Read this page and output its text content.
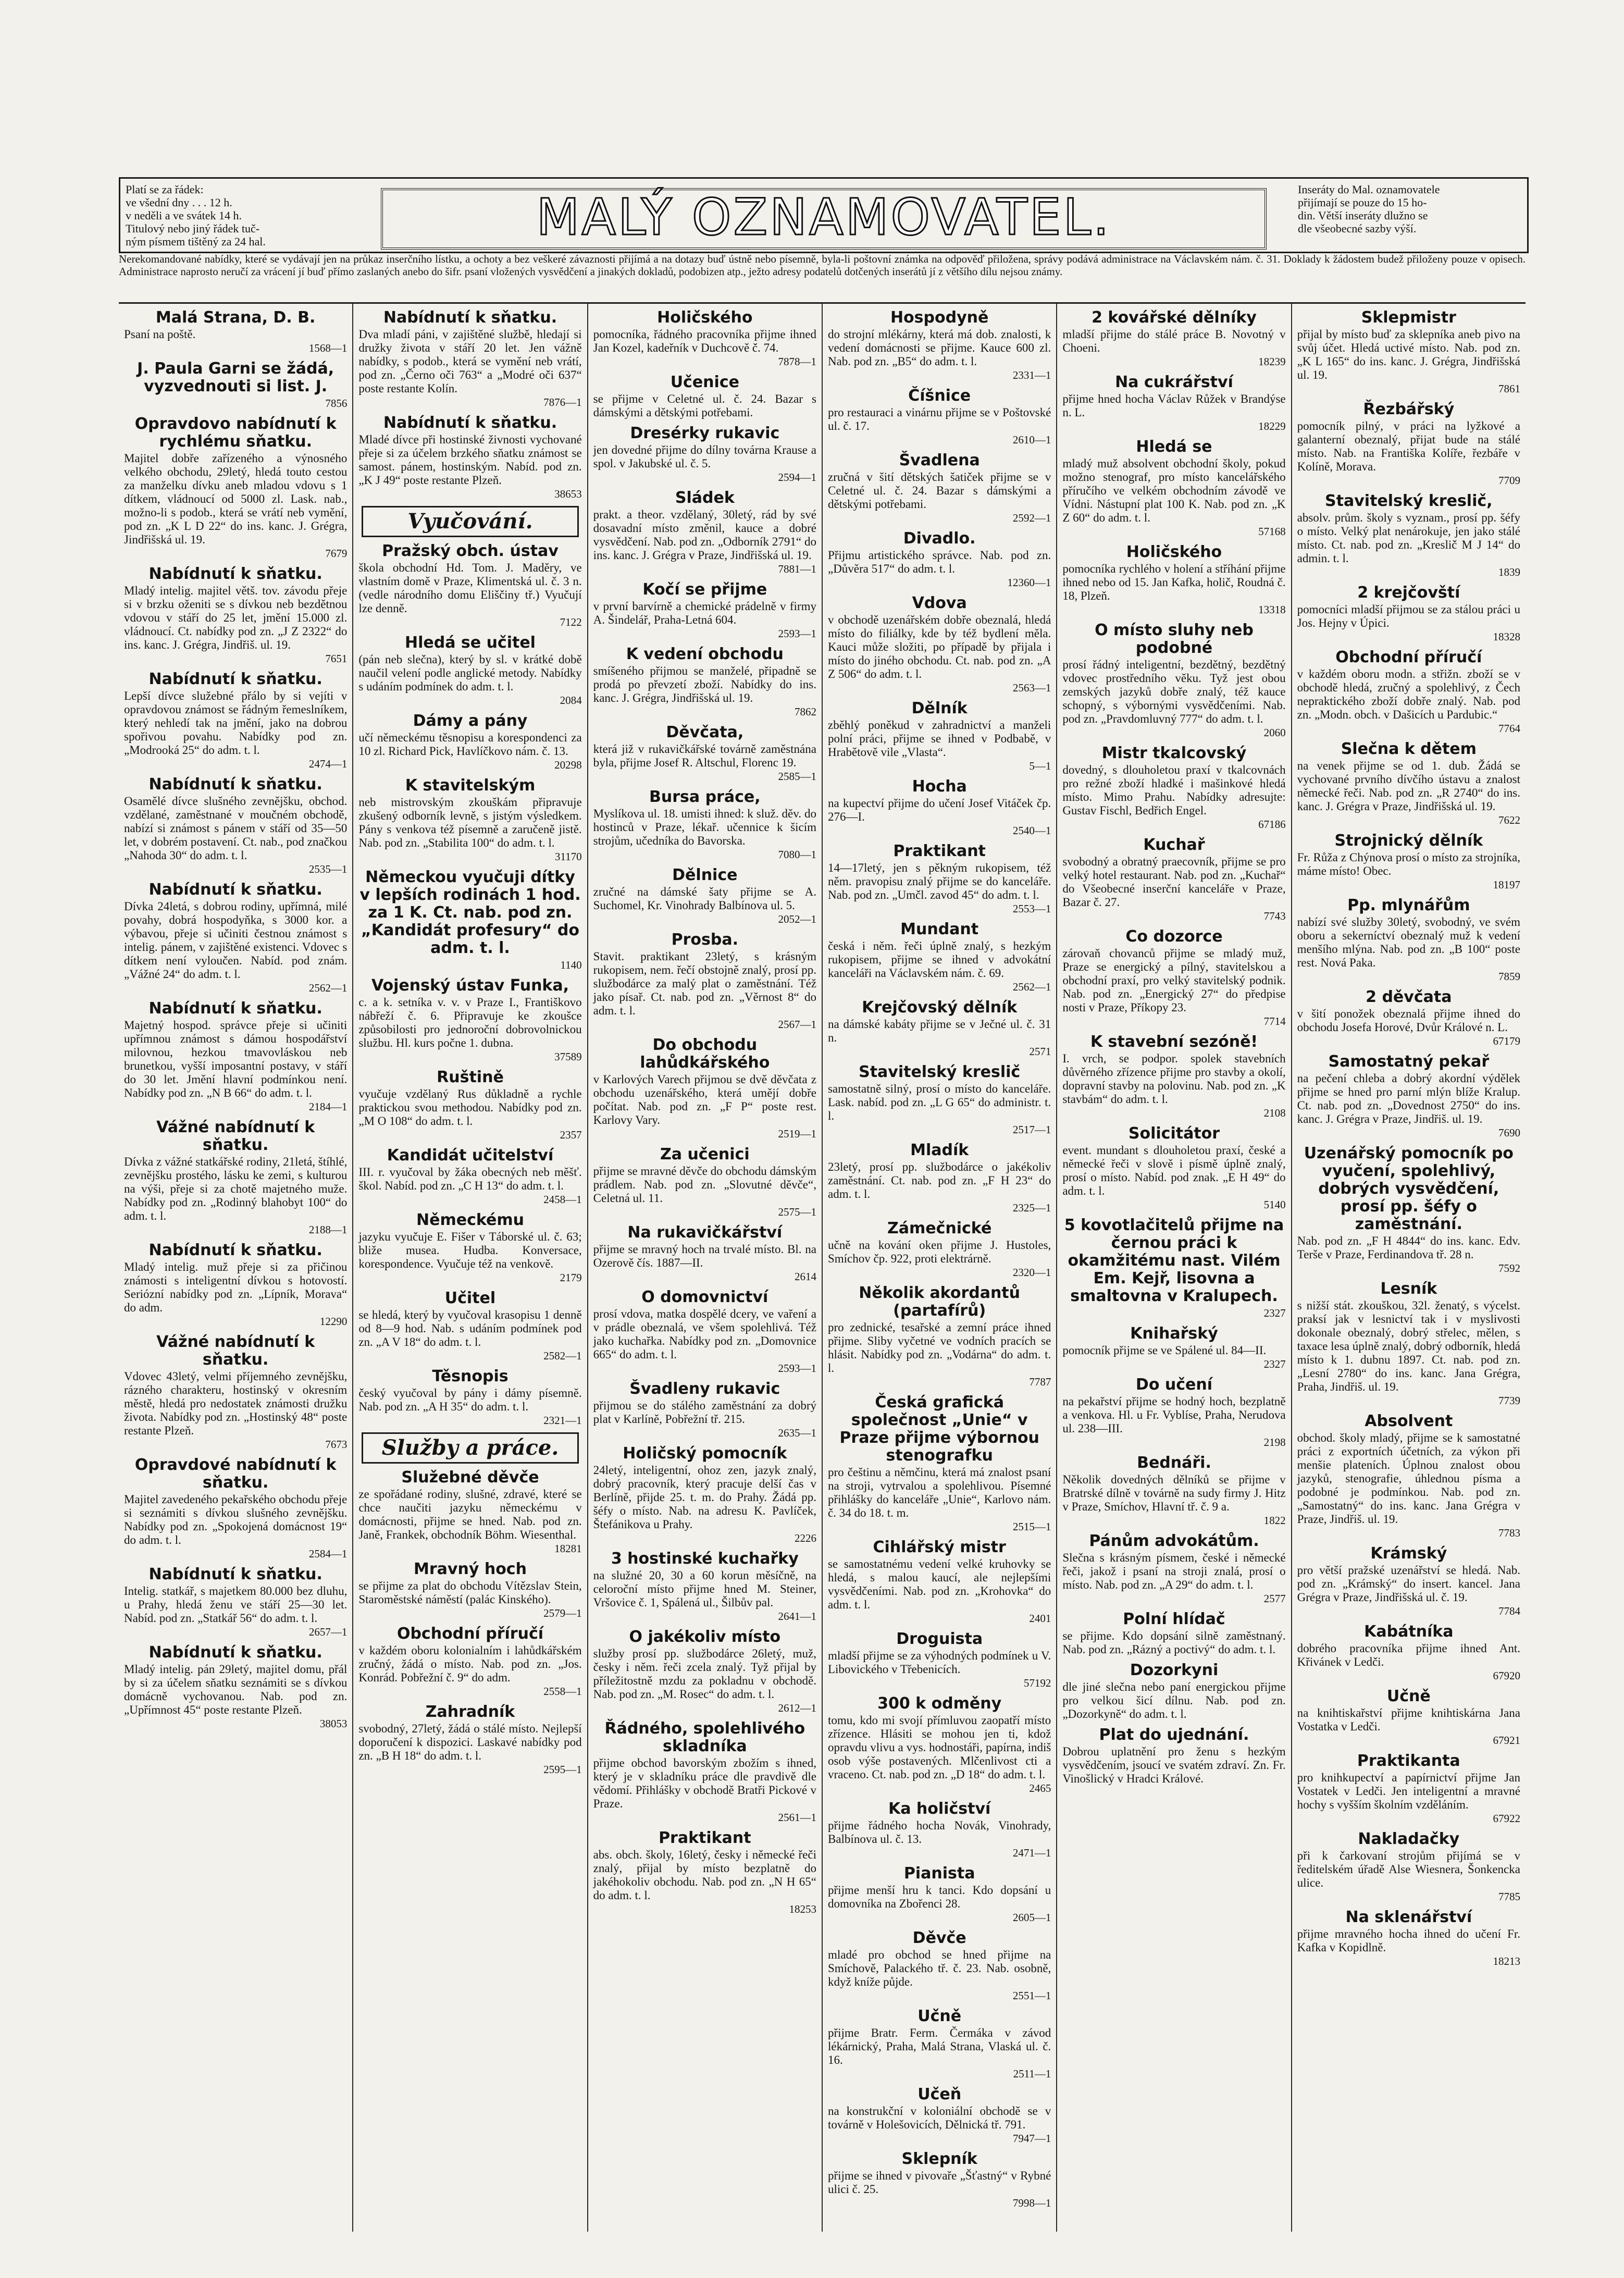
Platí se za řádek:
ve všední dny . . . 12 h.
v neděli a ve svátek 14 h.
Titulový nebo jiný řádek tuč-
ným písmem tištěný za 24 hal.	MALÝ OZNAMOVATEL.	Inseráty do Mal. oznamovatele
přijímají se pouze do 15 ho-
din. Větší inseráty dlužno se
dle všeobecné sazby výší.
Nerekomandované nabídky, které se vydávají jen na průkaz inserčního lístku, a ochoty a bez veškeré závaznosti přijímá a na dotazy buď ústně nebo písemně, byla-li poštovní známka na odpověď přiložena, správy podává administrace na Václavském nám. č. 31. Doklady k žádostem budež přiloženy pouze v opisech. Administrace naprosto neručí za vrácení jí buď přímo zaslaných anebo do šifr. psaní vložených vysvědčení a jinakých dokladů, podobizen atp., ježto adresy podatelů dotčených inserátů jí z většího dílu nejsou známy.
Malá Strana, D. B.

Psaní na poště.

1568—1
J. Paula Garni se žádá, vyzvednouti si list. J.
7856
Opravdovo nabídnutí k rychlému sňatku.

Majitel dobře zařízeného a výnosného velkého obchodu, 29letý, hledá touto cestou za manželku dívku aneb mladou vdovu s 1 dítkem, vládnoucí od 5000 zl. Lask. nab., možno-li s podob., která se vrátí neb vymění, pod zn. „K L D 22“ do ins. kanc. J. Grégra, Jindřišská ul. 19.

7679
Nabídnutí k sňatku.

Mladý intelig. majitel větš. tov. závodu přeje si v brzku oženiti se s dívkou neb bezdětnou vdovou v stáří do 25 let, jmění 15.000 zl. vládnoucí. Ct. nabídky pod zn. „J Z 2322“ do ins. kanc. J. Grégra, Jindřiš. ul. 19.

7651
Nabídnutí k sňatku.

Lepší dívce služebné přálo by si vejíti v opravdovou známost se řádným řemeslníkem, který nehledí tak na jmění, jako na dobrou spořivou povahu. Nabídky pod zn. „Modrooká 25“ do adm. t. l.

2474—1
Nabídnutí k sňatku.

Osamělé dívce slušného zevnějšku, obchod. vzdělané, zaměstnané v moučném obchodě, nabízí si známost s pánem v stáří od 35—50 let, v dobrém postavení. Ct. nab., pod značkou „Nahoda 30“ do adm. t. l.

2535—1
Nabídnutí k sňatku.

Dívka 24letá, s dobrou rodiny, upřímná, milé povahy, dobrá hospodyňka, s 3000 kor. a výbavou, přeje si učiniti čestnou známost s intelig. pánem, v zajištěné existenci. Vdovec s dítkem není vyloučen. Nabíd. pod znám. „Vážné 24“ do adm. t. l.

2562—1
Nabídnutí k sňatku.

Majetný hospod. správce přeje si učiniti upřímnou známost s dámou hospodářství milovnou, hezkou tmavovláskou neb brunetkou, vyšší imposantní postavy, v stáří do 30 let. Jmění hlavní podmínkou není. Nabídky pod zn. „N B 66“ do adm. t. l.

2184—1
Vážné nabídnutí k sňatku.

Dívka z vážné statkářské rodiny, 21letá, štíhlé, zevnějšku prostého, lásku ke zemi, s kulturou na výši, přeje si za chotě majetného muže. Nabídky pod zn. „Rodinný blahobyt 100“ do adm. t. l.

2188—1
Nabídnutí k sňatku.

Mladý intelig. muž přeje si za přičinou známosti s inteligentní dívkou s hotovostí. Seriózní nabídky pod zn. „Lípník, Morava“ do adm.

12290
Vážné nabídnutí k sňatku.

Vdovec 43letý, velmi příjemného zevnějšku, rázného charakteru, hostinský v okresním městě, hledá pro nedostatek známosti družku života. Nabídky pod zn. „Hostinský 48“ poste restante Plzeň.

7673
Opravdové nabídnutí k sňatku.

Majitel zavedeného pekařského obchodu přeje si seznámiti s dívkou slušného zevnějšku. Nabídky pod zn. „Spokojená domácnost 19“ do adm. t. l.

2584—1
Nabídnutí k sňatku.

Intelig. statkář, s majetkem 80.000 bez dluhu, u Prahy, hledá ženu ve stáří 25—30 let. Nabíd. pod zn. „Statkář 56“ do adm. t. l.

2657—1
Nabídnutí k sňatku.

Mladý intelig. pán 29letý, majitel domu, přál by si za účelem sňatku seznámiti se s dívkou domácně vychovanou. Nab. pod zn. „Upřímnost 45“ poste restante Plzeň.

38053
Nabídnutí k sňatku.

Dva mladí páni, v zajištěné službě, hledají si družky života v stáří 20 let. Jen vážně nabídky, s podob., která se vymění neb vrátí, pod zn. „Černo oči 763“ a „Modré oči 637“ poste restante Kolín.

7876—1
Nabídnutí k sňatku.

Mladé dívce při hostinské živnosti vychované přeje si za účelem brzkého sňatku známost se samost. pánem, hostinským. Nabíd. pod zn. „K J 49“ poste restante Plzeň.

38653
Vyučování.
Pražský obch. ústav

škola obchodní Hd. Tom. J. Maděry, ve vlastním domě v Praze, Klimentská ul. č. 3 n. (vedle národního domu Eliščiny tř.) Vyučují lze denně.

7122
Hledá se učitel

(pán neb slečna), který by sl. v krátké době naučil velení podle anglické metody. Nabídky s udáním podmínek do adm. t. l.

2084
Dámy a pány

učí německému těsnopisu a korespondenci za 10 zl. Richard Pick, Havlíčkovo nám. č. 13.

20298
K stavitelským

neb mistrovským zkouškám připravuje zkušený odborník levně, s jistým výsledkem. Pány s venkova též písemně a zaručeně jistě. Nab. pod zn. „Stabilita 100“ do adm. t. l.

31170
Německou vyučuji dítky v lepších rodinách 1 hod. za 1 K. Ct. nab. pod zn. „Kandidát profesury“ do adm. t. l.
1140
Vojenský ústav Funka,

c. a k. setníka v. v. v Praze I., Františkovo nábřeží č. 6. Připravuje ke zkoušce způsobilosti pro jednoroční dobrovolnickou službu. Hl. kurs počne 1. dubna.

37589
Ruštině

vyučuje vzdělaný Rus důkladně a rychle praktickou svou methodou. Nabídky pod zn. „M O 108“ do adm. t. l.

2357
Kandidát učitelství

III. r. vyučoval by žáka obecných neb měšť. škol. Nabíd. pod zn. „C H 13“ do adm. t. l.

2458—1
Německému

jazyku vyučuje E. Fišer v Táborské ul. č. 63; bliže musea. Hudba. Konversace, korespondence. Vyučuje též na venkově.

2179
Učitel

se hledá, který by vyučoval krasopisu 1 denně od 8—9 hod. Nab. s udáním podmínek pod zn. „A V 18“ do adm. t. l.

2582—1
Těsnopis

český vyučoval by pány i dámy písemně. Nab. pod zn. „A H 35“ do adm. t. l.

2321—1
Služby a práce.
Služebné děvče

ze spořádané rodiny, slušné, zdravé, které se chce naučiti jazyku německému v domácnosti, přijme se hned. Nab. pod zn. Janě, Frankek, obchodník Böhm. Wiesenthal.

18281
Mravný hoch

se přijme za plat do obchodu Vítězslav Stein, Staroměstské náměstí (palác Kinského).

2579—1
Obchodní příručí

v každém oboru kolonialním i lahůdkářském zručný, žádá o místo. Nab. pod zn. „Jos. Konrád. Pobřežní č. 9“ do adm.

2558—1
Zahradník

svobodný, 27letý, žádá o stálé místo. Nejlepší doporučení k dispozici. Laskavé nabídky pod zn. „B H 18“ do adm. t. l.

2595—1
Holičského

pomocníka, řádného pracovníka přijme ihned Jan Kozel, kadeřník v Duchcově č. 74.

7878—1
Učenice

se přijme v Celetné ul. č. 24. Bazar s dámskými a dětskými potřebami.

Dresérky rukavic

jen dovedné přijme do dílny továrna Krause a spol. v Jakubské ul. č. 5.

2594—1
Sládek

prakt. a theor. vzdělaný, 30letý, rád by své dosavadní místo změnil, kauce a dobré vysvědčení. Nab. pod zn. „Odborník 2791“ do ins. kanc. J. Grégra v Praze, Jindřišská ul. 19.

7881—1
Kočí se přijme

v první barvírně a chemické prádelně v firmy A. Šindelář, Praha-Letná 604.

2593—1
K vedení obchodu

smíšeného přijmou se manželé, připadně se prodá po převzetí zboží. Nabídky do ins. kanc. J. Grégra, Jindřišská ul. 19.

7862
Děvčata,

která již v rukavičkářské továrně zaměstnána byla, přijme Josef R. Altschul, Florenc 19.

2585—1
Bursa práce,

Myslíkova ul. 18. umisti ihned: k služ. děv. do hostinců v Praze, lékař. učennice k šicím strojům, učedníka do Bavorska.

7080—1
Dělnice

zručné na dámské šaty přijme se A. Suchomel, Kr. Vinohrady Balbínova ul. 5.

2052—1
Prosba.

Stavit. praktikant 23letý, s krásným rukopisem, nem. řečí obstojně znalý, prosí pp. službodárce za malý plat o zaměstnání. Též jako písař. Ct. nab. pod zn. „Věrnost 8“ do adm. t. l.

2567—1
Do obchodu lahůdkářského

v Karlových Varech přijmou se dvě děvčata z obchodu uzenářského, která umějí dobře počítat. Nab. pod zn. „F P“ poste rest. Karlovy Vary.

2519—1
Za učenici

přijme se mravné děvče do obchodu dámským prádlem. Nab. pod zn. „Slovutné děvče“, Celetná ul. 11.

2575—1
Na rukavičkářství

přijme se mravný hoch na trvalé místo. Bl. na Ozerově čís. 1887—II.

2614
O domovnictví

prosí vdova, matka dospělé dcery, ve vaření a v prádle obeznalá, ve všem spolehlivá. Též jako kuchařka. Nabídky pod zn. „Domovnice 665“ do adm. t. l.

2593—1
Švadleny rukavic

přijmou se do stálého zaměstnání za dobrý plat v Karlíně, Pobřežní tř. 215.

2635—1
Holičský pomocník

24letý, inteligentní, ohoz zen, jazyk znalý, dobrý pracovník, který pracuje delší čas v Berlíně, přijde 25. t. m. do Prahy. Žádá pp. šéfy o místo. Nab. na adresu K. Pavlíček, Štefánikova u Prahy.

2226
3 hostinské kuchařky

na služné 20, 30 a 60 korun měsíčně, na celoroční místo přijme hned M. Steiner, Vršovice č. 1, Spálená ul., Šilbův pal.

2641—1
O jakékoliv místo

služby prosí pp. službodárce 26letý, muž, česky i něm. řeči zcela znalý. Tyž přijal by příležitostně mzdu za pokladnu v obchodě. Nab. pod zn. „M. Rosec“ do adm. t. l.

2612—1
Řádného, spolehlivého skladníka

přijme obchod bavorským zbožím s ihned, který je v skladníku práce dle pravdivě dle vědomí. Přihlášky v obchodě Bratři Pickové v Praze.

2561—1
Praktikant

abs. obch. školy, 16letý, česky i německé řeči znalý, přijal by místo bezplatně do jakéhokoliv obchodu. Nab. pod zn. „N H 65“ do adm. t. l.

18253
Hospodyně

do strojní mlékárny, která má dob. znalosti, k vedení domácnosti se přijme. Kauce 600 zl. Nab. pod zn. „B5“ do adm. t. l.

2331—1
Číšnice

pro restauraci a vinárnu přijme se v Poštovské ul. č. 17.

2610—1
Švadlena

zručná v šití dětských šatiček přijme se v Celetné ul. č. 24. Bazar s dámskými a dětskými potřebami.

2592—1
Divadlo.

Přijmu artistického správce. Nab. pod zn. „Důvěra 517“ do adm. t. l.

12360—1
Vdova

v obchodě uzenářském dobře obeznalá, hledá místo do filiálky, kde by též bydlení měla. Kauci může složiti, po případě by přijala i místo do jiného obchodu. Ct. nab. pod zn. „A Z 506“ do adm. t. l.

2563—1
Dělník

zběhlý poněkud v zahradnictví a manželi polní práci, přijme se ihned v Podbabě, v Hrabětově vile „Vlasta“.

5—1
Hocha

na kupectví přijme do učení Josef Vitáček čp. 276—I.

2540—1
Praktikant

14—17letý, jen s pěkným rukopisem, též něm. pravopisu znalý přijme se do kanceláře. Nab. pod zn. „Umčl. zavod 45“ do adm. t. l.

2553—1
Mundant

česká i něm. řeči úplně znalý, s hezkým rukopisem, přijme se ihned v advokátní kanceláři na Václavském nám. č. 69.

2562—1
Krejčovský dělník

na dámské kabáty přijme se v Ječné ul. č. 31 n.

2571
Stavitelský kreslič

samostatně silný, prosí o místo do kanceláře. Lask. nabíd. pod zn. „L G 65“ do administr. t. l.

2517—1
Mladík

23letý, prosí pp. službodárce o jakékoliv zaměstnání. Ct. nab. pod zn. „F H 23“ do adm. t. l.

2325—1
Zámečnické

učně na kování oken přijme J. Hustoles, Smíchov čp. 922, proti elektrárně.

2320—1
Několik akordantů (partafírů)

pro zednické, tesařské a zemní práce ihned přijme. Sliby vyčetné ve vodních pracích se hlásit. Nabídky pod zn. „Vodárna“ do adm. t. l.

7787
Česká grafická společnost „Unie“ v Praze přijme výbornou stenografku

pro češtinu a němčinu, která má znalost psaní na stroji, vytrvalou a spolehlivou. Písemné přihlášky do kanceláře „Unie“, Karlovo nám. č. 34 do 18. t. m.

2515—1
Cihlářský mistr

se samostatnému vedení velké kruhovky se hledá, s malou kaucí, ale nejlepšími vysvědčeními. Nab. pod zn. „Krohovka“ do adm. t. l.

2401
Droguista

mladší přijme se za výhodných podmínek u V. Libovického v Třebenicích.

57192
300 k odměny

tomu, kdo mi svojí přímluvou zaopatří místo zřízence. Hlásiti se mohou jen ti, kdož opravdu vlivu a vys. hodnostáři, papírna, indiš osob výše postavených. Mlčenlivost cti a vraceno. Ct. nab. pod zn. „D 18“ do adm. t. l.

2465
Ka holičství

přijme řádného hocha Novák, Vinohrady, Balbínova ul. č. 13.

2471—1
Pianista

přijme menší hru k tanci. Kdo dopsání u domovníka na Zbořenci 28.

2605—1
Děvče

mladé pro obchod se hned přijme na Smíchově, Palackého tř. č. 23. Nab. osobně, když kníže půjde.

2551—1
Učně

přijme Bratr. Ferm. Čermáka v závod lékárnický, Praha, Malá Strana, Vlaská ul. č. 16.

2511—1
Učeň

na konstrukční v koloniální obchodě se v továrně v Holešovicích, Dělnická tř. 791.

7947—1
Sklepník

přijme se ihned v pivovaře „Šťastný“ v Rybné ulici č. 25.

7998—1
2 kovářské dělníky

mladší přijme do stálé práce B. Novotný v Choeni.

18239
Na cukrářství

přijme hned hocha Václav Růžek v Brandýse n. L.

18229
Hledá se

mladý muž absolvent obchodní školy, pokud možno stenograf, pro místo kancelářského příručího ve velkém obchodním závodě ve Vídni. Nástupní plat 100 K. Nab. pod zn. „K Z 60“ do adm. t. l.

57168
Holičského

pomocníka rychlého v holení a stříhání přijme ihned nebo od 15. Jan Kafka, holič, Roudná č. 18, Plzeň.

13318
O místo sluhy neb podobné

prosí řádný inteligentní, bezdětný, bezdětný vdovec prostředního věku. Tyž jest obou zemských jazyků dobře znalý, též kauce schopný, s výbornými vysvědčeními. Nab. pod zn. „Pravdomluvný 777“ do adm. t. l.

2060
Mistr tkalcovský

dovedný, s dlouholetou praxí v tkalcovnách pro režné zboží hladké i mašinkové hledá místo. Mimo Prahu. Nabídky adresujte: Gustav Fischl, Bedřich Engel.

67186
Kuchař

svobodný a obratný praecovník, přijme se pro velký hotel restaurant. Nab. pod zn. „Kuchař“ do Všeobecné inserční kanceláře v Praze, Bazar č. 27.

7743
Co dozorce

zárovaň chovanců přijme se mladý muž, Praze se energický a pílný, stavitelskou a obchodní praxí, pro velký stavitelský podnik. Nab. pod zn. „Energický 27“ do předpise nosti v Praze, Příkopy 23.

7714
K stavební sezóně!

I. vrch, se podpor. spolek stavebních důvěrného zřízence přijme pro stavby a okolí, dopravní stavby na polovinu. Nab. pod zn. „K stavbám“ do adm. t. l.

2108
Solicitátor

event. mundant s dlouholetou praxí, české a německé řeči v slově i písmě úplně znalý, prosí o místo. Nabíd. pod znak. „E H 49“ do adm. t. l.

5140
5 kovotlačitelů přijme na černou práci k okamžitému nast. Vilém Em. Kejř, lisovna a smaltovna v Kralupech.
2327
Knihařský

pomocník přijme se ve Spálené ul. 84—II.

2327
Do učení

na pekařství přijme se hodný hoch, bezplatně a venkova. Hl. u Fr. Vyblíse, Praha, Nerudova ul. 238—III.

2198
Bednáři.

Několik dovedných dělníků se přijme v Bratrské dílně v továrně na sudy firmy J. Hitz v Praze, Smíchov, Hlavní tř. č. 9 a.

1822
Pánům advokátům.

Slečna s krásným písmem, české i německé řeči, jakož i psaní na stroji znalá, prosí o místo. Nab. pod zn. „A 29“ do adm. t. l.

2577
Polní hlídač

se přijme. Kdo dopsání silně zaměstnaný. Nab. pod zn. „Rázný a poctivý“ do adm. t. l.

Dozorkyni

dle jiné slečna nebo paní energickou přijme pro velkou šicí dílnu. Nab. pod zn. „Dozorkyně“ do adm. t. l.

Plat do ujednání.

Dobrou uplatnění pro ženu s hezkým vysvědčením, jsoucí ve svatém zdraví. Zn. Fr. Vinošlický v Hradci Králové.

Sklepmistr

přijal by místo buď za sklepníka aneb pivo na svůj účet. Hledá uctivé místo. Nab. pod zn. „K L 165“ do ins. kanc. J. Grégra, Jindřišská ul. 19.

7861
Řezbářský

pomocník pilný, v práci na lyžkové a galanterní obeznalý, přijat bude na stálé místo. Nab. na Františka Kolíře, řezbáře v Kolíně, Morava.

7709
Stavitelský kreslič,

absolv. prům. školy s vyznam., prosí pp. šéfy o místo. Velký plat nenárokuje, jen jako stálé místo. Ct. nab. pod zn. „Kreslič M J 14“ do admin. t. l.

1839
2 krejčovští

pomocníci mladší přijmou se za stálou práci u Jos. Hejny v Úpici.

18328
Obchodní příručí

v každém oboru modn. a střižn. zboží se v obchodě hledá, zručný a spolehlivý, z Čech nepraktického zboží dobře znalý. Nab. pod zn. „Modn. obch. v Dašicích u Pardubic.“

7764
Slečna k dětem

na venek přijme se od 1. dub. Žádá se vychované prvního dívčího ústavu a znalost německé řeči. Nab. pod zn. „R 2740“ do ins. kanc. J. Grégra v Praze, Jindřišská ul. 19.

7622
Strojnický dělník

Fr. Růža z Chýnova prosí o místo za strojníka, máme místo! Obec.

18197
Pp. mlynářům

nabízí své služby 30letý, svobodný, ve svém oboru a sekerníctví obeznalý muž k vedení menšího mlýna. Nab. pod zn. „B 100“ poste rest. Nová Paka.

7859
2 děvčata

v šití ponožek obeznalá přijme ihned do obchodu Josefa Horové, Dvůr Králové n. L.

67179
Samostatný pekař

na pečení chleba a dobrý akordní výdělek přijme se hned pro parní mlýn blíže Kralup. Ct. nab. pod zn. „Dovednost 2750“ do ins. kanc. J. Grégra v Praze, Jindřiš. ul. 19.

7690
Uzenářský pomocník po vyučení, spolehlivý, dobrých vysvědčení, prosí pp. šéfy o zaměstnání.

Nab. pod zn. „F H 4844“ do ins. kanc. Edv. Terše v Praze, Ferdinandova tř. 28 n.

7592
Lesník

s nižší stát. zkouškou, 32l. ženatý, s výcelst. praksí jak v lesnictví tak i v myslivosti dokonale obeznalý, dobrý střelec, mělen, s taxace lesa úplně znalý, dobrý odborník, hledá místo k 1. dubnu 1897. Ct. nab. pod zn. „Lesní 2780“ do ins. kanc. Jana Grégra, Praha, Jindřiš. ul. 19.

7739
Absolvent

obchod. školy mladý, přijme se k samostatné práci z exportních účetních, za výkon při menšie plateních. Úplnou znalost obou jazyků, stenografie, úhlednou písma a podobné je podmínkou. Nab. pod zn. „Samostatný“ do ins. kanc. Jana Grégra v Praze, Jindřiš. ul. 19.

7783
Krámský

pro větší pražské uzenářství se hledá. Nab. pod zn. „Krámský“ do insert. kancel. Jana Grégra v Praze, Jindřišská ul. č. 19.

7784
Kabátníka

dobrého pracovníka přijme ihned Ant. Křivánek v Ledči.

67920
Učně

na knihtiskařství přijme knihtiskárna Jana Vostatka v Ledči.

67921
Praktikanta

pro knihkupectví a papírnictví přijme Jan Vostatek v Ledči. Jen inteligentní a mravné hochy s vyšším školním vzděláním.

67922
Nakladačky

při k čarkovaní strojům přijímá se v ředitelském úřadě Alse Wiesnera, Šonkencka ulice.

7785
Na sklenářství

přijme mravného hocha ihned do učení Fr. Kafka v Kopidlně.

18213
